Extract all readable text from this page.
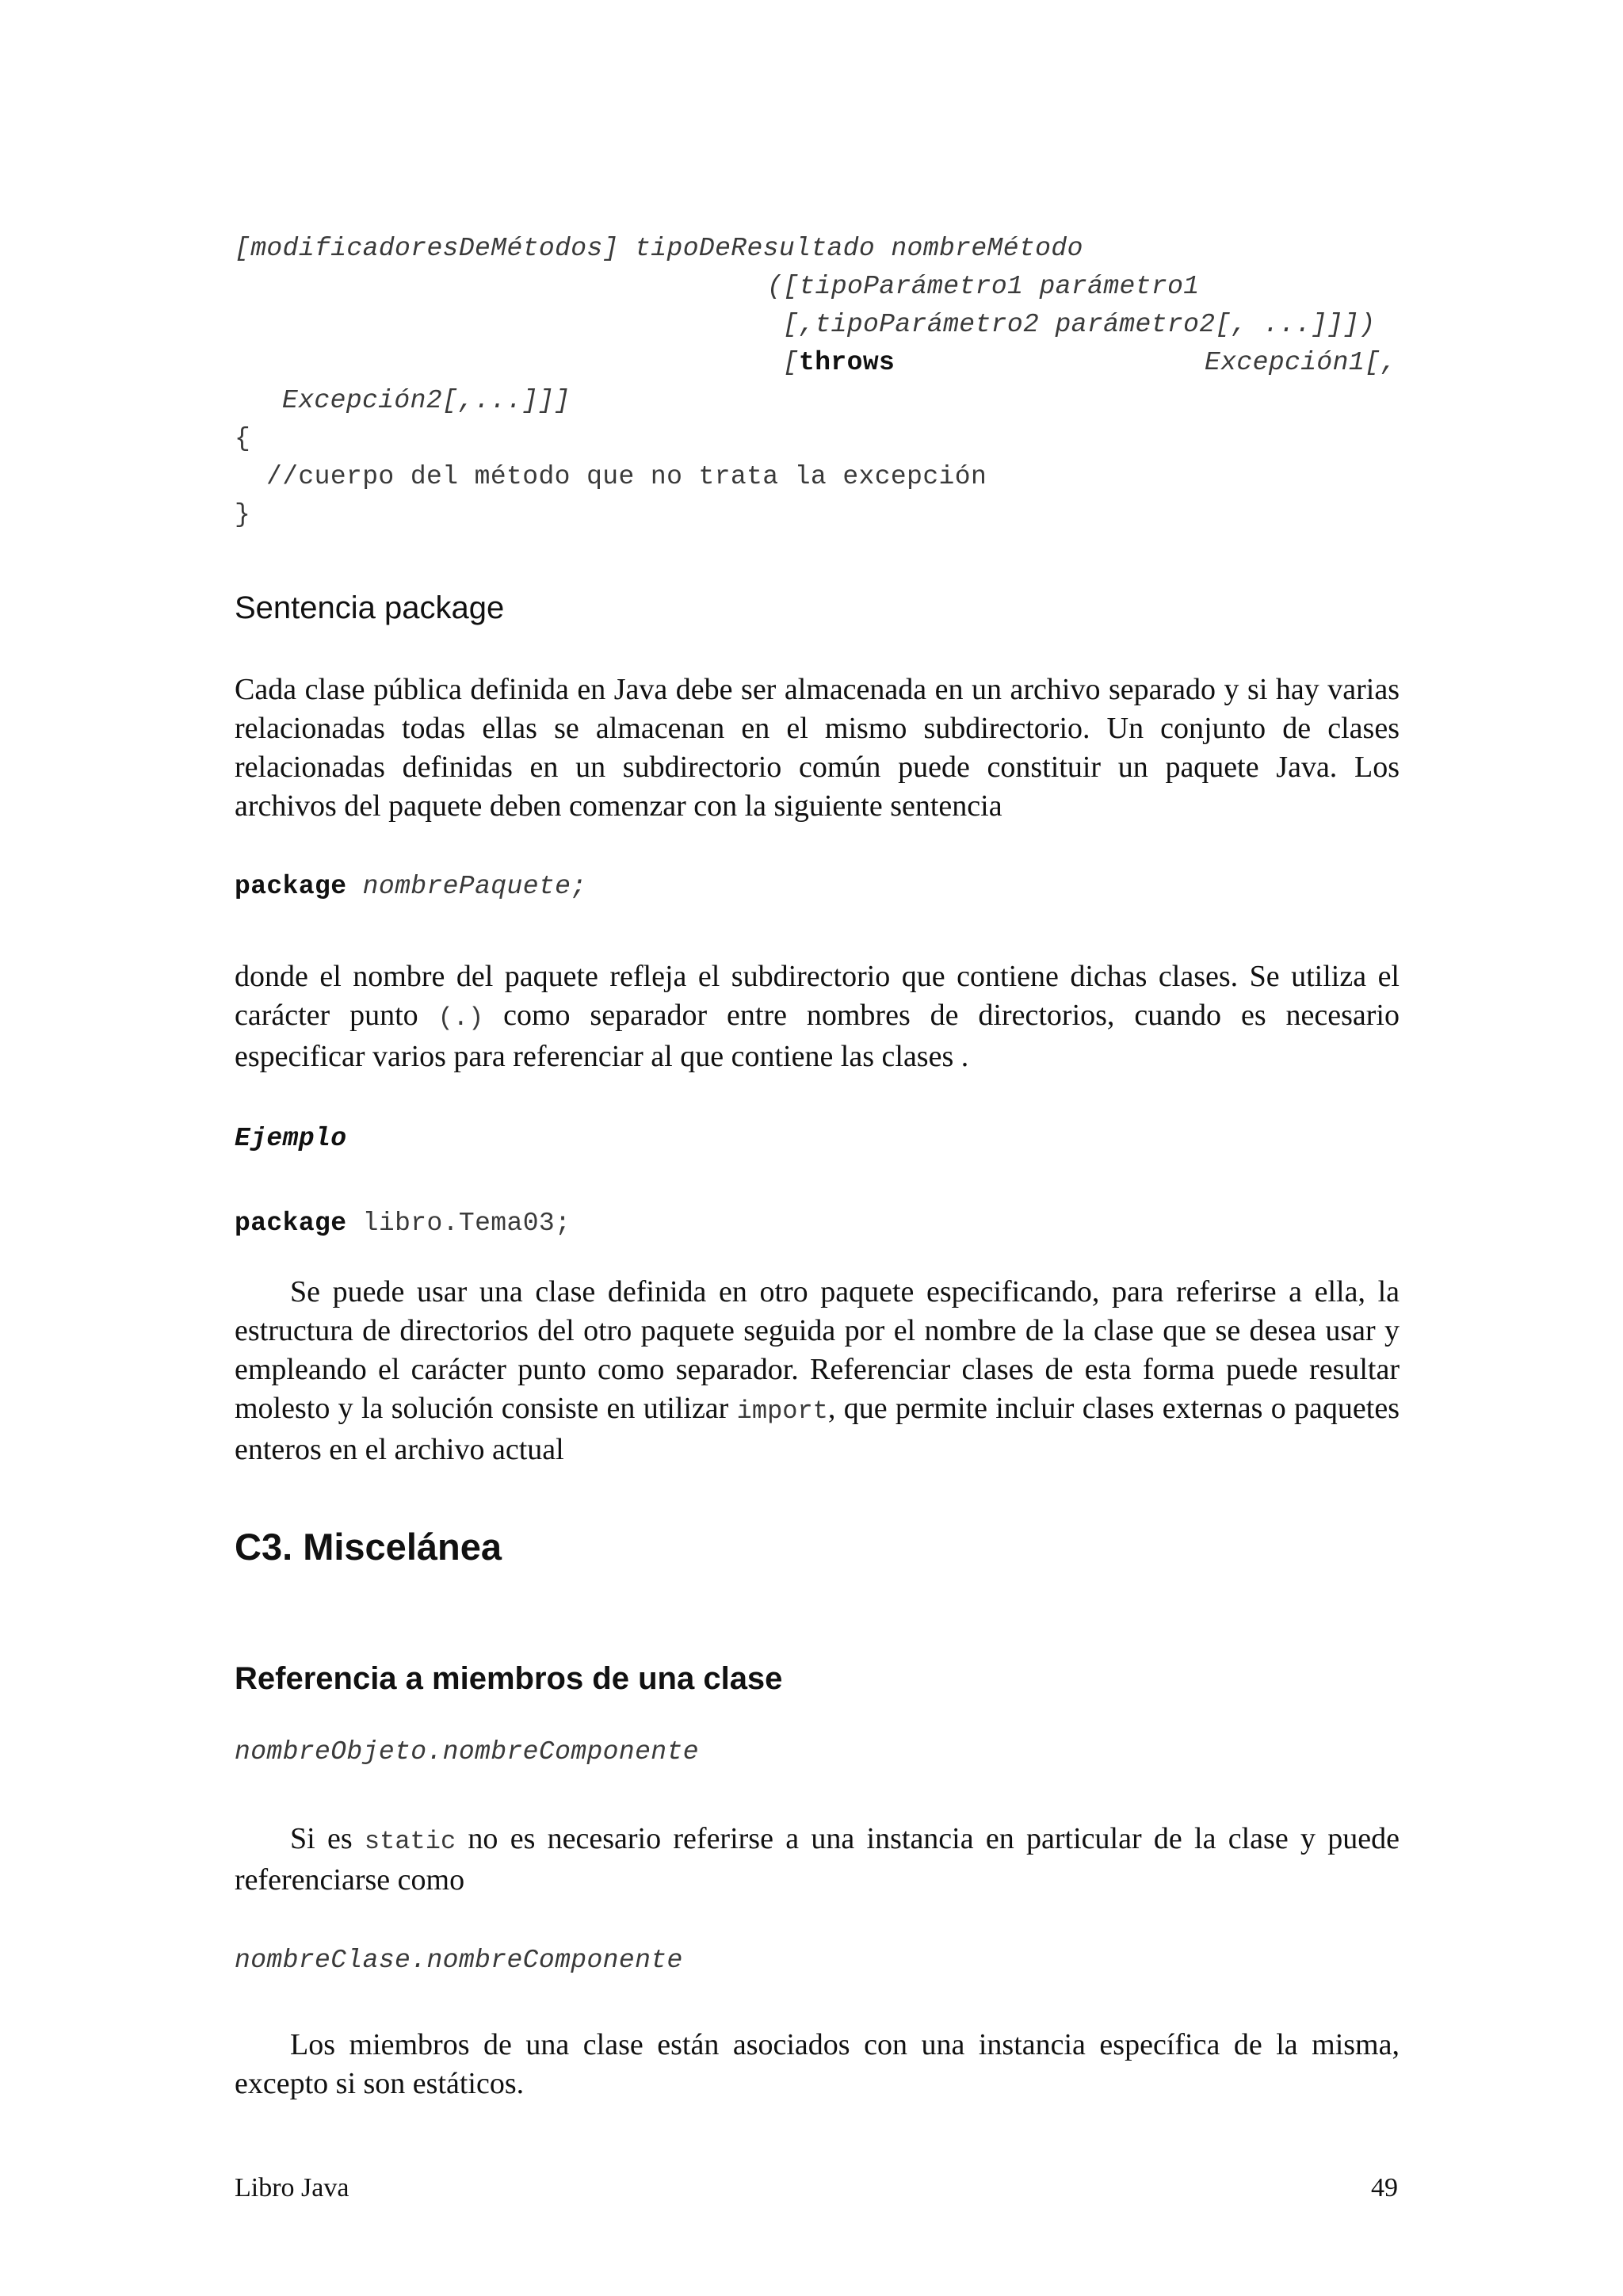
[modificadoresDeMétodos] tipoDeResultado nombreMétodo
([tipoParámetro1 parámetro1
[,tipoParámetro2 parámetro2[, ...]]])
[ throws	Excepción1[,
Excepción2[,...]]]
{
//cuerpo del método que no trata la excepción
}
Sentencia package

Cada clase pública definida en Java debe ser almacenada en un archivo separado y si hay varias relacionadas todas ellas se almacenan en el mismo subdirectorio. Un conjunto de clases relacionadas definidas en un subdirectorio común puede constituir un paquete Java. Los archivos del paquete deben comenzar con la siguiente sentencia

package nombrePaquete;

donde el nombre del paquete refleja el subdirectorio que contiene dichas clases. Se utiliza el carácter punto (.) como separador entre nombres de directorios, cuando es necesario especificar varios para referenciar al que contiene las clases .

Ejemplo
package libro.Tema03;

Se puede usar una clase definida en otro paquete especificando, para referirse a ella, la estructura de directorios del otro paquete seguida por el nombre de la clase que se desea usar y empleando el carácter punto como separador. Referenciar clases de esta forma puede resultar molesto y la solución consiste en utilizar import, que permite incluir clases externas o paquetes enteros en el archivo actual

C3. Miscelánea
Referencia a miembros de una clase
nombreObjeto.nombreComponente

Si es static no es necesario referirse a una instancia en particular de la clase y puede referenciarse como

nombreClase.nombreComponente

Los miembros de una clase están asociados con una instancia específica de la misma, excepto si son estáticos.

Libro Java	49
